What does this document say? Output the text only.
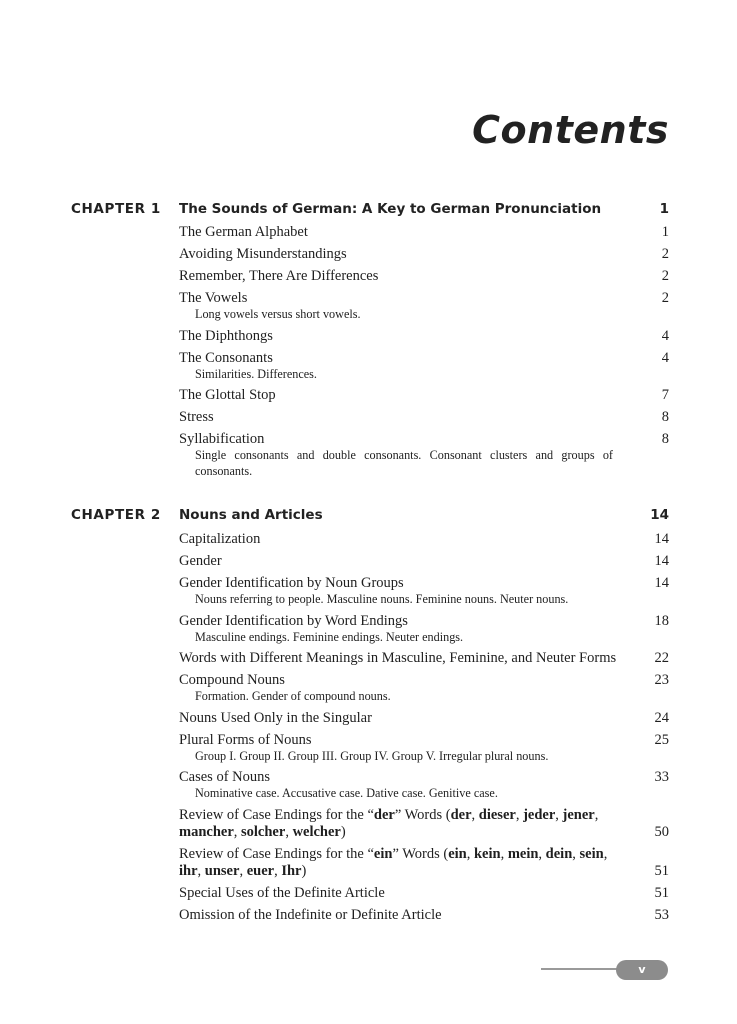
Contents
CHAPTER 1 The Sounds of German: A Key to German Pronunciation	1
The German Alphabet	1
Avoiding Misunderstandings	2
Remember, There Are Differences	2
The Vowels	2
Long vowels versus short vowels.
The Diphthongs	4
The Consonants	4
Similarities. Differences.
The Glottal Stop	7
Stress	8
Syllabification	8
Single consonants and double consonants. Consonant clusters and groups of consonants.
CHAPTER 2 Nouns and Articles	14
Capitalization	14
Gender	14
Gender Identification by Noun Groups	14
Nouns referring to people. Masculine nouns. Feminine nouns. Neuter nouns.
Gender Identification by Word Endings	18
Masculine endings. Feminine endings. Neuter endings.
Words with Different Meanings in Masculine, Feminine, and Neuter Forms	22
Compound Nouns	23
Formation. Gender of compound nouns.
Nouns Used Only in the Singular	24
Plural Forms of Nouns	25
Group I. Group II. Group III. Group IV. Group V. Irregular plural nouns.
Cases of Nouns	33
Nominative case. Accusative case. Dative case. Genitive case.
Review of Case Endings for the “der” Words (der, dieser, jeder, jener, mancher, solcher, welcher)	50
Review of Case Endings for the “ein” Words (ein, kein, mein, dein, sein, ihr, unser, euer, Ihr)	51
Special Uses of the Definite Article	51
Omission of the Indefinite or Definite Article	53
v
